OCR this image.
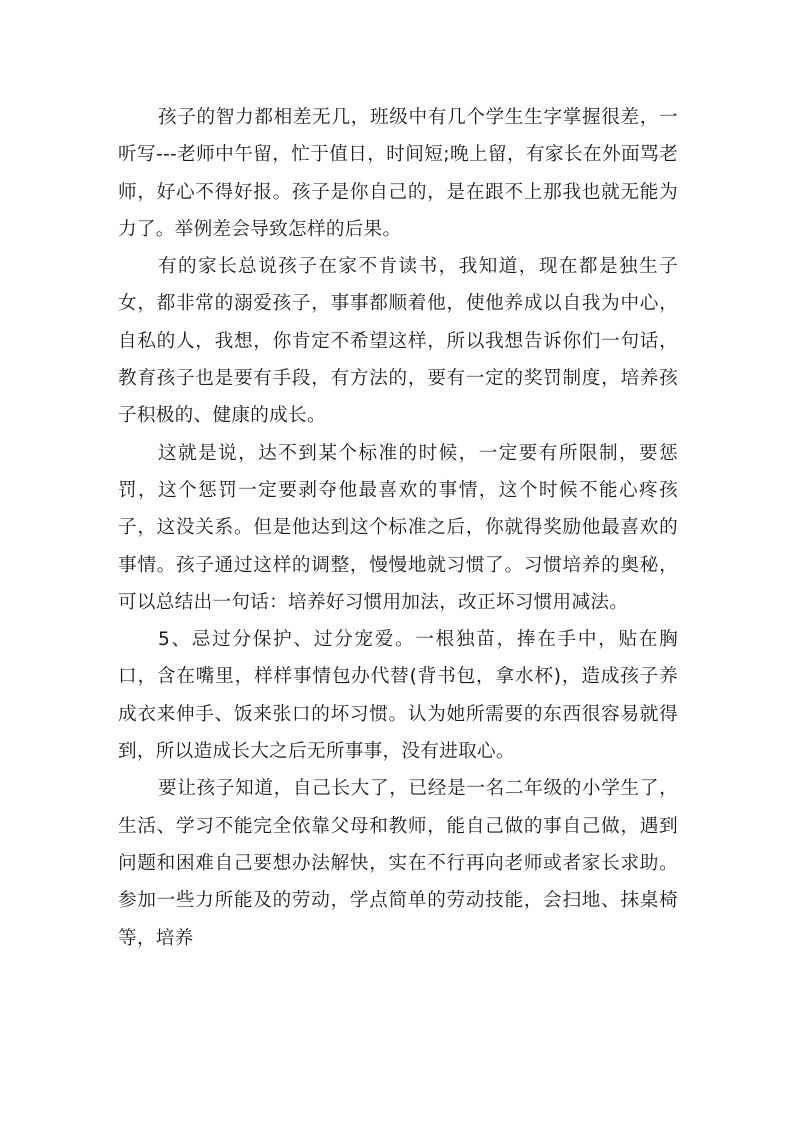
孩子的智力都相差无几，班级中有几个学生生字掌握很差，一听写---老师中午留，忙于值日，时间短;晚上留，有家长在外面骂老师，好心不得好报。孩子是你自己的，是在跟不上那我也就无能为力了。举例差会导致怎样的后果。

有的家长总说孩子在家不肯读书，我知道，现在都是独生子女，都非常的溺爱孩子，事事都顺着他，使他养成以自我为中心，自私的人，我想，你肯定不希望这样，所以我想告诉你们一句话，教育孩子也是要有手段，有方法的，要有一定的奖罚制度，培养孩子积极的、健康的成长。

这就是说，达不到某个标准的时候，一定要有所限制，要惩罚，这个惩罚一定要剥夺他最喜欢的事情，这个时候不能心疼孩子，这没关系。但是他达到这个标准之后，你就得奖励他最喜欢的事情。孩子通过这样的调整，慢慢地就习惯了。习惯培养的奥秘，可以总结出一句话：培养好习惯用加法，改正坏习惯用减法。

5、忌过分保护、过分宠爱。一根独苗，捧在手中，贴在胸口，含在嘴里，样样事情包办代替(背书包，拿水杯)，造成孩子养成衣来伸手、饭来张口的坏习惯。认为她所需要的东西很容易就得到，所以造成长大之后无所事事，没有进取心。

要让孩子知道，自己长大了，已经是一名二年级的小学生了，生活、学习不能完全依靠父母和教师，能自己做的事自己做，遇到问题和困难自己要想办法解快，实在不行再向老师或者家长求助。参加一些力所能及的劳动，学点简单的劳动技能，会扫地、抹桌椅等，培养
